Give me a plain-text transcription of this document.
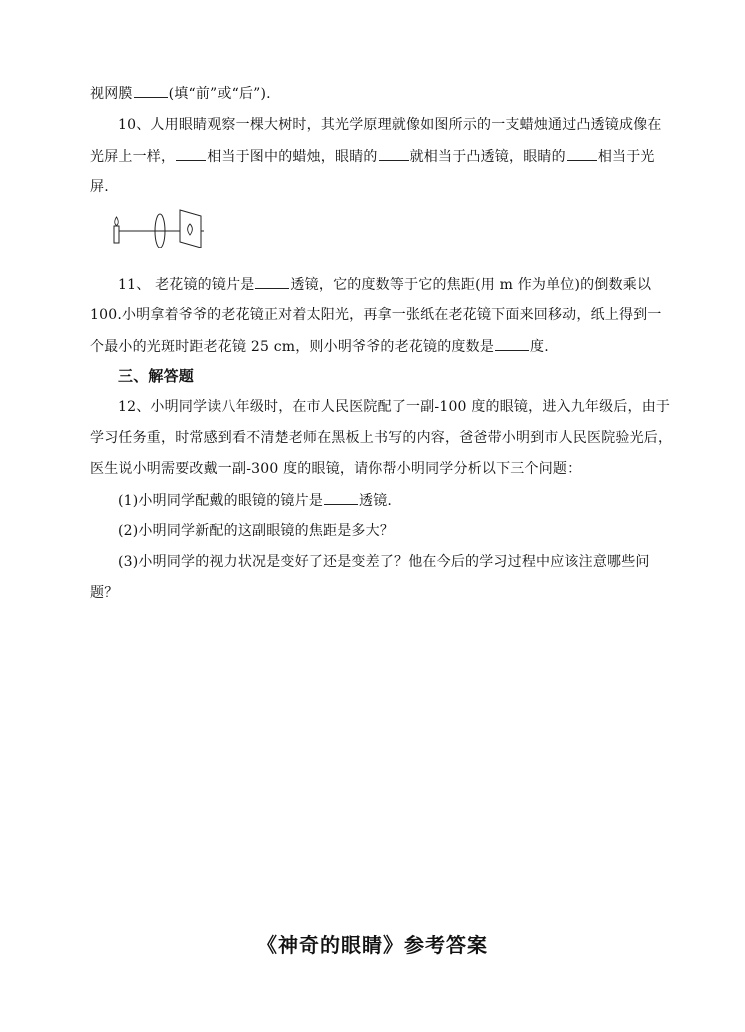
视网膜	(填“前”或“后”).
10、人用眼睛观察一棵大树时，其光学原理就像如图所示的一支蜡烛通过凸透镜成像在
光屏上一样， 相当于图中的蜡烛，眼睛的 就相当于凸透镜，眼睛的 相当于光
屏.
11、 老花镜的镜片是	透镜，它的度数等于它的焦距(用 m 作为单位)的倒数乘以
100.小明拿着爷爷的老花镜正对着太阳光，再拿一张纸在老花镜下面来回移动，纸上得到一
个最小的光斑时距老花镜 25 cm，则小明爷爷的老花镜的度数是	度.
三、解答题
12、小明同学读八年级时，在市人民医院配了一副-100 度的眼镜，进入九年级后，由于
学习任务重，时常感到看不清楚老师在黑板上书写的内容，爸爸带小明到市人民医院验光后，
医生说小明需要改戴一副-300 度的眼镜，请你帮小明同学分析以下三个问题：
(1)小明同学配戴的眼镜的镜片是	透镜.
(2)小明同学新配的这副眼镜的焦距是多大？
(3)小明同学的视力状况是变好了还是变差了？他在今后的学习过程中应该注意哪些问
题？
《神奇的眼睛》参考答案
